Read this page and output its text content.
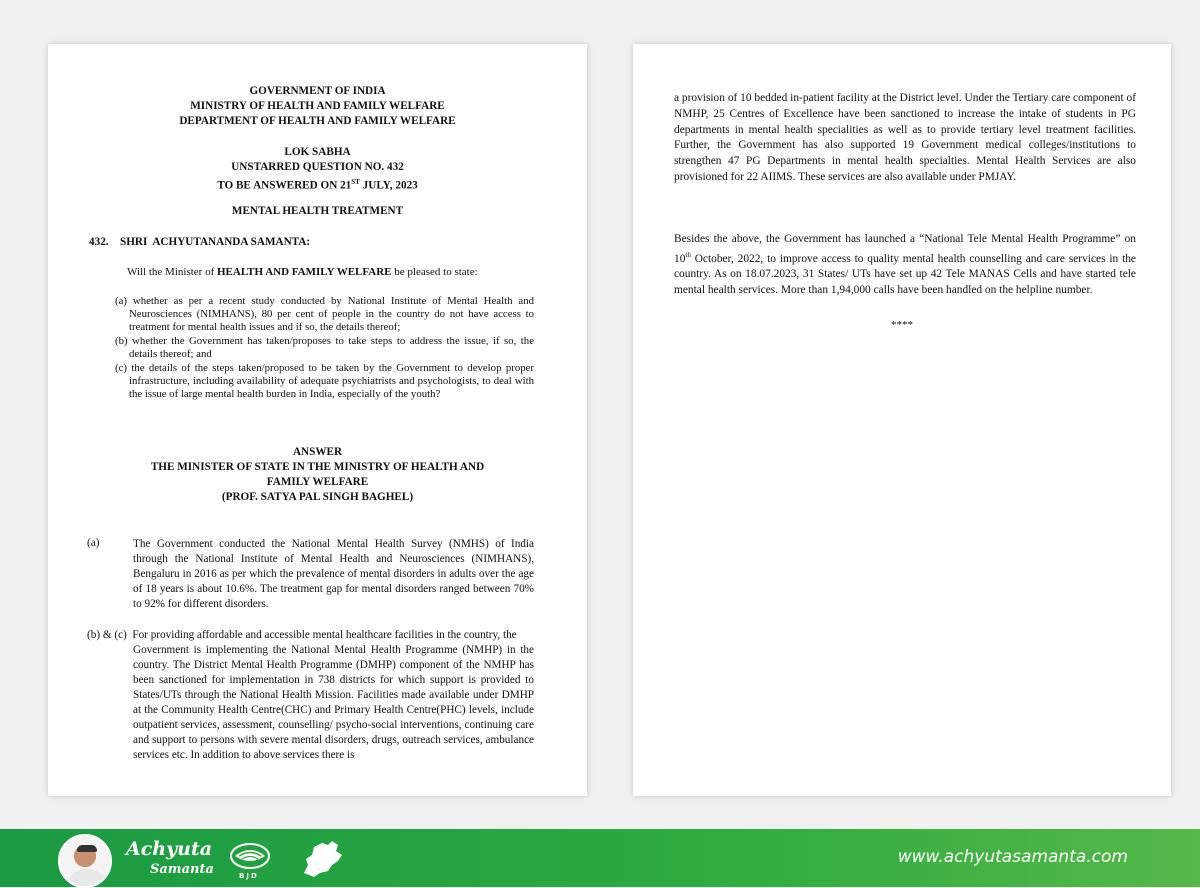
GOVERNMENT OF INDIA
MINISTRY OF HEALTH AND FAMILY WELFARE
DEPARTMENT OF HEALTH AND FAMILY WELFARE
LOK SABHA
UNSTARRED QUESTION NO. 432
TO BE ANSWERED ON 21ST JULY, 2023
MENTAL HEALTH TREATMENT
432. SHRI  ACHYUTANANDA SAMANTA:
Will the Minister of HEALTH AND FAMILY WELFARE be pleased to state:
(a) whether as per a recent study conducted by National Institute of Mental Health and Neurosciences (NIMHANS), 80 per cent of people in the country do not have access to treatment for mental health issues and if so, the details thereof;
(b) whether the Government has taken/proposes to take steps to address the issue, if so, the details thereof; and
(c) the details of the steps taken/proposed to be taken by the Government to develop proper infrastructure, including availability of adequate psychiatrists and psychologists, to deal with the issue of large mental health burden in India, especially of the youth?
ANSWER
THE MINISTER OF STATE IN THE MINISTRY OF HEALTH AND
FAMILY WELFARE
(PROF. SATYA PAL SINGH BAGHEL)
(a)	The Government conducted the National Mental Health Survey (NMHS) of India through the National Institute of Mental Health and Neurosciences (NIMHANS), Bengaluru in 2016 as per which the prevalence of mental disorders in adults over the age of 18 years is about 10.6%. The treatment gap for mental disorders ranged between 70% to 92% for different disorders.
(b) & (c) For providing affordable and accessible mental healthcare facilities in the country, the
Government is implementing the National Mental Health Programme (NMHP) in the country. The District Mental Health Programme (DMHP) component of the NMHP has been sanctioned for implementation in 738 districts for which support is provided to States/UTs through the National Health Mission. Facilities made available under DMHP at the Community Health Centre(CHC) and Primary Health Centre(PHC) levels, include outpatient services, assessment, counselling/ psycho-social interventions, continuing care and support to persons with severe mental disorders, drugs, outreach services, ambulance services etc. In addition to above services there is
a provision of 10 bedded in-patient facility at the District level. Under the Tertiary care component of NMHP, 25 Centres of Excellence have been sanctioned to increase the intake of students in PG departments in mental health specialities as well as to provide tertiary level treatment facilities. Further, the Government has also supported 19 Government medical colleges/institutions to strengthen 47 PG Departments in mental health specialties. Mental Health Services are also provisioned for 22 AIIMS. These services are also available under PMJAY.
Besides the above, the Government has launched a “National Tele Mental Health Programme” on 10th October, 2022, to improve access to quality mental health counselling and care services in the country. As on 18.07.2023, 31 States/ UTs have set up 42 Tele MANAS Cells and have started tele mental health services. More than 1,94,000 calls have been handled on the helpline number.
****
Achyuta
Samanta	BJD
www.achyutasamanta.com
